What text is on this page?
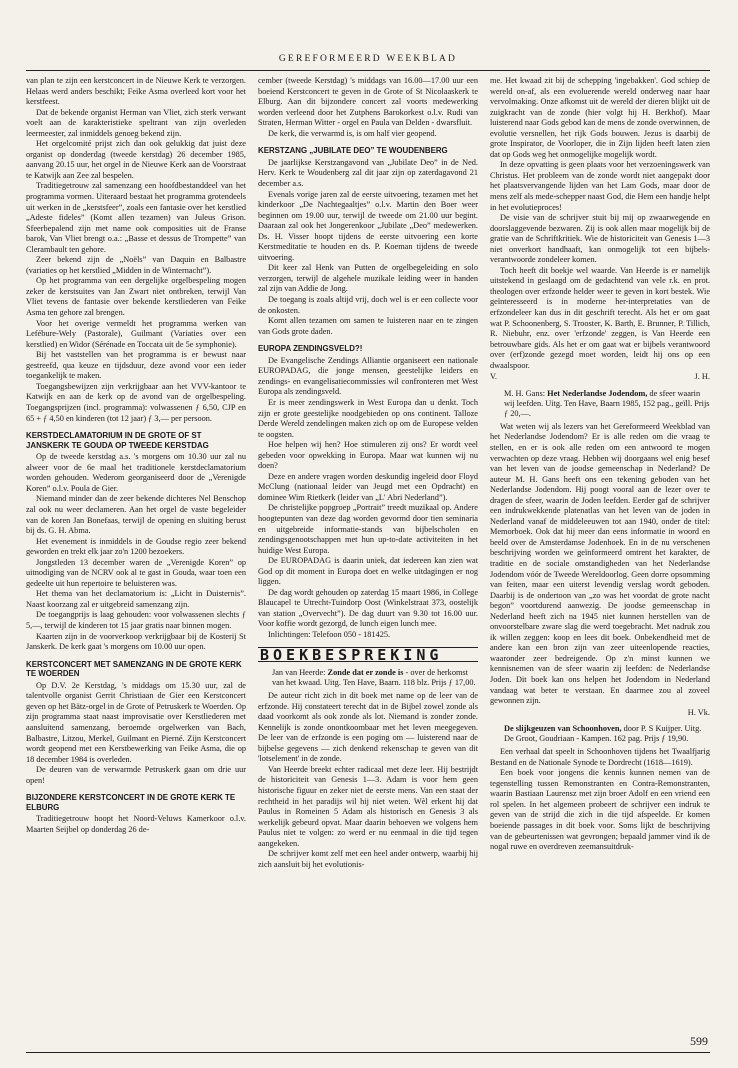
GEREFORMEERD WEEKBLAD

van plan te zijn een kerstconcert in de Nieuwe Kerk te verzorgen. Helaas werd anders beschikt; Feike Asma overleed kort voor het kerstfeest.

Dat de bekende organist Herman van Vliet, zich sterk verwant voelt aan de karakteristieke speltrant van zijn overleden leermeester, zal inmiddels genoeg bekend zijn.

Het orgelcomité prijst zich dan ook gelukkig dat juist deze organist op donderdag (tweede kerstdag) 26 december 1985, aanvang 20.15 uur, het orgel in de Nieuwe Kerk aan de Voorstraat te Katwijk aan Zee zal bespelen.

Traditiegetrouw zal samenzang een hoofdbestanddeel van het programma vormen. Uiteraard bestaat het programma grotendeels uit werken in de „kerstsfeer”, zoals een fantasie over het kerstlied „Adeste fideles” (Komt allen tezamen) van Juleus Grison. Sfeerbepalend zijn met name ook composities uit de Franse barok, Van Vliet brengt o.a.: „Basse et dessus de Trompette” van Clerambault ten gehore.

Zeer bekend zijn de „Noëls” van Daquin en Balbastre (variaties op het kerstlied „Midden in de Winternacht”).

Op het programma van een dergelijke orgelbespeling mogen zeker de kerstsuites van Jan Zwart niet ontbreken, terwijl Van Vliet tevens de fantasie over bekende kerstliederen van Feike Asma ten gehore zal brengen.

Voor het overige vermeldt het programma werken van Lefébure-Wely (Pastorale), Guilmant (Variaties over een kerstlied) en Widor (Sérénade en Toccata uit de 5e symphonie).

Bij het vaststellen van het programma is er bewust naar gestreefd, qua keuze en tijdsduur, deze avond voor een ieder toegankelijk te maken.

Toegangsbewijzen zijn verkrijgbaar aan het VVV-kantoor te Katwijk en aan de kerk op de avond van de orgelbespeling. Toegangsprijzen (incl. programma): volwassenen ƒ 6,50, CJP en 65 + ƒ 4,50 en kinderen (tot 12 jaar) ƒ 3,— per persoon.

KERSTDECLAMATORIUM IN DE GROTE OF ST JANSKERK TE GOUDA OP TWEEDE KERSTDAG

Op de tweede kerstdag a.s. 's morgens om 10.30 uur zal nu alweer voor de 6e maal het traditionele kerstdeclamatorium worden gehouden. Wederom georganiseerd door de „Verenigde Koren” o.l.v. Poula de Gier.

Niemand minder dan de zeer bekende dichteres Nel Benschop zal ook nu weer declameren. Aan het orgel de vaste begeleider van de koren Jan Bonefaas, terwijl de opening en sluiting berust bij ds. G. H. Abma.

Het evenement is inmiddels in de Goudse regio zeer bekend geworden en trekt elk jaar zo'n 1200 bezoekers.

Jongstleden 13 december waren de „Verenigde Koren” op uitnodiging van de NCRV ook al te gast in Gouda, waar toen een gedeelte uit hun repertoire te beluisteren was.

Het thema van het declamatorium is: „Licht in Duisternis”. Naast koorzang zal er uitgebreid samenzang zijn.

De toegangprijs is laag gehouden: voor volwassenen slechts ƒ 5,—, terwijl de kinderen tot 15 jaar gratis naar binnen mogen.

Kaarten zijn in de voorverkoop verkrijgbaar bij de Kosterij St Janskerk. De kerk gaat 's morgens om 10.00 uur open.

KERSTCONCERT MET SAMENZANG IN DE GROTE KERK TE WOERDEN

Op D.V. 2e Kerstdag, 's middags om 15.30 uur, zal de talentvolle organist Gerrit Christiaan de Gier een Kerstconcert geven op het Bätz-orgel in de Grote of Petruskerk te Woerden. Op zijn programma staat naast improvisatie over Kerstliederen met aansluitend samenzang, beroemde orgelwerken van Bach, Balbastre, Litzou, Merkel, Guilmant en Pierné. Zijn Kerstconcert wordt geopend met een Kerstbewerking van Feike Asma, die op 18 december 1984 is overleden.

De deuren van de verwarmde Petruskerk gaan om drie uur open!

BIJZONDERE KERSTCONCERT IN DE GROTE KERK TE ELBURG

Traditiegetrouw hoopt het Noord-Veluws Kamerkoor o.l.v. Maarten Seijbel op donderdag 26 de-

cember (tweede Kerstdag) 's middags van 16.00—17.00 uur een boeiend Kerstconcert te geven in de Grote of St Nicolaaskerk te Elburg. Aan dit bijzondere concert zal voorts medewerking worden verleend door het Zutphens Barokorkest o.l.v. Rudi van Straten, Herman Witter - orgel en Paula van Delden - dwarsfluit.

De kerk, die verwarmd is, is om half vier geopend.

KERSTZANG „JUBILATE DEO” TE WOUDENBERG

De jaarlijkse Kerstzangavond van „Jubilate Deo” in de Ned. Herv. Kerk te Woudenberg zal dit jaar zijn op zaterdagavond 21 december a.s.

Evenals vorige jaren zal de eerste uitvoering, tezamen met het kinderkoor „De Nachtegaaltjes” o.l.v. Martin den Boer weer beginnen om 19.00 uur, terwijl de tweede om 21.00 uur begint. Daaraan zal ook het Jongerenkoor „Jubilate „Deo” medewerken. Ds. H. Visser hoopt tijdens de eerste uitvoering een korte Kerstmeditatie te houden en ds. P. Koeman tijdens de tweede uitvoering.

Dit keer zal Henk van Putten de orgelbegeleiding en solo verzorgen, terwijl de algehele muzikale leiding weer in handen zal zijn van Addie de Jong.

De toegang is zoals altijd vrij, doch wel is er een collecte voor de onkosten.

Komt allen tezamen om samen te luisteren naar en te zingen van Gods grote daden.

EUROPA ZENDINGSVELD?!

De Evangelische Zendings Alliantie organiseert een nationale EUROPADAG, die jonge mensen, geestelijke leiders en zendings- en evangelisatiecommissies wil confronteren met West Europa als zendingsveld.

Er is meer zendingswerk in West Europa dan u denkt. Toch zijn er grote geestelijke noodgebieden op ons continent. Talloze Derde Wereld zendelingen maken zich op om de Europese velden te oogsten.

Hoe helpen wij hen? Hoe stimuleren zij ons? Er wordt veel gebeden voor opwekking in Europa. Maar wat kunnen wij nu doen?

Deze en andere vragen worden deskundig ingeleid door Floyd McClung (nationaal leider van Jeugd met een Opdracht) en dominee Wim Rietkerk (leider van „L' Abri Nederland”).

De christelijke popgroep „Portrait” treedt muzikaal op. Andere hoogtepunten van deze dag worden gevormd door tien seminaria en uitgebreide informatie-stands van bijbelscholen en zendingsgenootschappen met hun up-to-date activiteiten in het huidige West Europa.

De EUROPADAG is daarin uniek, dat iedereen kan zien wat God op dit moment in Europa doet en welke uitdagingen er nog liggen.

De dag wordt gehouden op zaterdag 15 maart 1986, in College Blaucapel te Utrecht-Tuindorp Oost (Winkelstraat 373, oostelijk van station „Overvecht”). De dag duurt van 9.30 tot 16.00 uur. Voor koffie wordt gezorgd, de lunch eigen lunch mee.

Inlichtingen: Telefoon 050 - 181425.

BOEKBESPREKING
Jan van Heerde: Zonde dat er zonde is - over de herkomst van het kwaad. Uitg. Ten Have, Baarn. 118 blz. Prijs ƒ 17,00.

De auteur richt zich in dit boek met name op de leer van de erfzonde. Hij constateert terecht dat in de Bijbel zowel zonde als daad voorkomt als ook zonde als lot. Niemand is zonder zonde. Kennelijk is zonde onontkoombaar met het leven meegegeven. De leer van de erfzonde is een poging om — luisterend naar de bijbelse gegevens — zich denkend rekenschap te geven van dit 'lotselement' in de zonde.

Van Heerde breekt echter radicaal met deze leer. Hij bestrijdt de historiciteit van Genesis 1—3. Adam is voor hem geen historische figuur en zeker niet de eerste mens. Van een staat der rechtheid in het paradijs wil hij niet weten. Wèl erkent hij dat Paulus in Romeinen 5 Adam als historisch en Genesis 3 als werkelijk gebeurd opvat. Maar daarin behoeven we volgens hem Paulus niet te volgen: zo werd er nu eenmaal in die tijd tegen aangekeken.

De schrijver komt zelf met een heel ander ontwerp, waarbij hij zich aansluit bij het evolutionis-

me. Het kwaad zit bij de schepping 'ingebakken'. God schiep de wereld on-af, als een evoluerende wereld onderweg naar haar vervolmaking. Onze afkomst uit de wereld der dieren blijkt uit de zuigkracht van de zonde (hier volgt hij H. Berkhof). Maar luisterend naar Gods gebod kan de mens de zonde overwinnen, de evolutie versnellen, het rijk Gods bouwen. Jezus is daarbij de grote Inspirator, de Voorloper, die in Zijn lijden heeft laten zien dat op Gods weg het onmogelijke mogelijk wordt.

In deze opvatting is geen plaats voor het verzoeningswerk van Christus. Het probleem van de zonde wordt niet aangepakt door het plaatsvervangende lijden van het Lam Gods, maar door de mens zelf als mede-schepper naast God, die Hem een handje helpt in het evolutieproces!

De visie van de schrijver stuit bij mij op zwaarwegende en doorslaggevende bezwaren. Zij is ook allen maar mogelijk bij de gratie van de Schriftkritiek. Wie de historiciteit van Genesis 1—3 niet onverkort handhaaft, kan onmogelijk tot een bijbels-verantwoorde zondeleer komen.

Toch heeft dit boekje wel waarde. Van Heerde is er namelijk uitstekend in geslaagd om de gedachtend van vele r.k. en prot. theologen over erfzonde helder weer te geven in kort bestek. Wie geïnteresseerd is in moderne her-interpretaties van de erfzondeleer kan dus in dit geschrift terecht. Als het er om gaat wat P. Schoonenberg, S. Trooster, K. Barth, E. Brunner, P. Tillich, R. Niebuhr, enz. over 'erfzonde' zeggen, is Van Heerde een betrouwbare gids. Als het er om gaat wat er bijbels verantwoord over (erf)zonde gezegd moet worden, leidt hij ons op een dwaalspoor.

V.	J. H.
M. H. Gans: Het Nederlandse Jodendom, de sfeer waarin wij leefden. Uitg. Ten Have, Baarn 1985, 152 pag., geïll. Prijs ƒ 20,—.

Wat weten wij als lezers van het Gereformeerd Weekblad van het Nederlandse Jodendom? Er is alle reden om die vraag te stellen, en er is ook alle reden om een antwoord te mogen verwachten op deze vraag. Hebben wij doorgaans wel enig besef van het leven van de joodse gemeenschap in Nederland? De auteur M. H. Gans heeft ons een tekening geboden van het Nederlandse Jodendom. Hij poogt vooral aan de lezer over te dragen de sfeer, waarin de Joden leefden. Eerder gaf de schrijver een indrukwekkende platenatlas van het leven van de joden in Nederland vanaf de middeleeuwen tot aan 1940, onder de titel: Memorboek. Ook dat hij meer dan eens informatie in woord en beeld over de Amsterdamse Jodenhoek. En in de nu verschenen beschrijving worden we geïnformeerd omtrent het karakter, de traditie en de sociale omstandigheden van het Nederlandse Jodendom vóór de Tweede Wereldoorlog. Geen dorre opsomming van feiten, maar een uiterst levendig verslag wordt geboden. Daarbij is de ondertoon van „zo was het voordat de grote nacht begon” voortdurend aanwezig. De joodse gemeenschap in Nederland heeft zich na 1945 niet kunnen herstellen van de onvoorstelbare zware slag die werd toegebracht. Met nadruk zou ik willen zeggen: koop en lees dit boek. Onbekendheid met de andere kan een bron zijn van zeer uiteenlopende reacties, waaronder zeer bedreigende. Op z'n minst kunnen we kennisnemen van de sfeer waarin zij leefden: de Nederlandse Joden. Dit boek kan ons helpen het Jodendom in Nederland vandaag wat beter te verstaan. En daarmee zou al zoveel gewonnen zijn.

H. Vk.
De slijkgeuzen van Schoonhoven, door P. S Kuijper. Uitg. De Groot, Goudriaan - Kampen. 162 pag. Prijs ƒ 19,90.

Een verhaal dat speelt in Schoonhoven tijdens het Twaalfjarig Bestand en de Nationale Synode te Dordrecht (1618—1619).

Een boek voor jongens die kennis kunnen nemen van de tegenstelling tussen Remonstranten en Contra-Remonstranten, waarin Bastiaan Laurensz met zijn broer Adolf en een vriend een rol spelen. In het algemeen probeert de schrijver een indruk te geven van de strijd die zich in die tijd afspeelde. Er komen boeiende passages in dit boek voor. Soms lijkt de beschrijving van de gebeurtenissen wat gevrongen; bepaald jammer vind ik de nogal ruwe en overdreven zeemansuitdruk-

599
